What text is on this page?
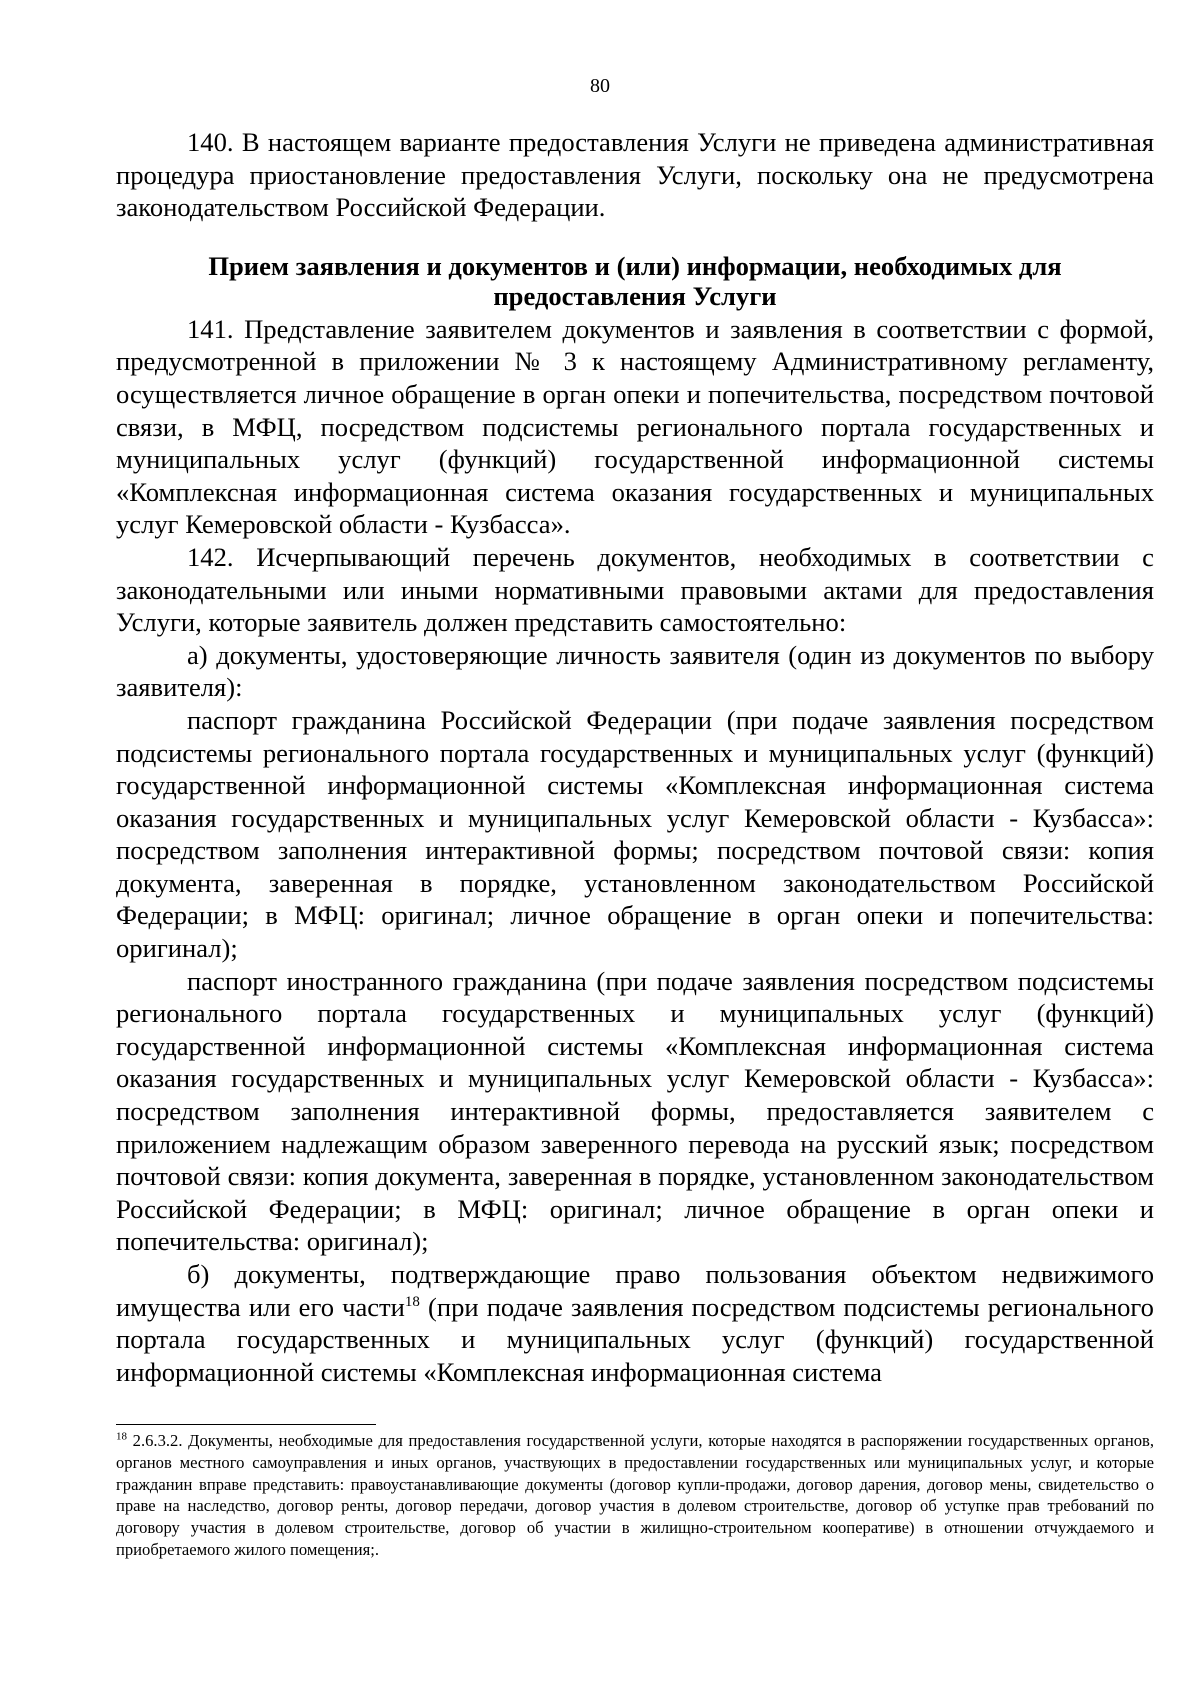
80

140. В настоящем варианте предоставления Услуги не приведена административная процедура приостановление предоставления Услуги, поскольку она не предусмотрена законодательством Российской Федерации.

Прием заявления и документов и (или) информации, необходимых для предоставления Услуги

141. Представление заявителем документов и заявления в соответствии с формой, предусмотренной в приложении № 3 к настоящему Административному регламенту, осуществляется личное обращение в орган опеки и попечительства, посредством почтовой связи, в МФЦ, посредством подсистемы регионального портала государственных и муниципальных услуг (функций) государственной информационной системы «Комплексная информационная система оказания государственных и муниципальных услуг Кемеровской области - Кузбасса».

142. Исчерпывающий перечень документов, необходимых в соответствии с законодательными или иными нормативными правовыми актами для предоставления Услуги, которые заявитель должен представить самостоятельно:

а) документы, удостоверяющие личность заявителя (один из документов по выбору заявителя):

паспорт гражданина Российской Федерации (при подаче заявления посредством подсистемы регионального портала государственных и муниципальных услуг (функций) государственной информационной системы «Комплексная информационная система оказания государственных и муниципальных услуг Кемеровской области - Кузбасса»: посредством заполнения интерактивной формы; посредством почтовой связи: копия документа, заверенная в порядке, установленном законодательством Российской Федерации; в МФЦ: оригинал; личное обращение в орган опеки и попечительства: оригинал);

паспорт иностранного гражданина (при подаче заявления посредством подсистемы регионального портала государственных и муниципальных услуг (функций) государственной информационной системы «Комплексная информационная система оказания государственных и муниципальных услуг Кемеровской области - Кузбасса»: посредством заполнения интерактивной формы, предоставляется заявителем с приложением надлежащим образом заверенного перевода на русский язык; посредством почтовой связи: копия документа, заверенная в порядке, установленном законодательством Российской Федерации; в МФЦ: оригинал; личное обращение в орган опеки и попечительства: оригинал);

б) документы, подтверждающие право пользования объектом недвижимого имущества или его части$^{18}$ (при подаче заявления посредством подсистемы регионального портала государственных и муниципальных услуг (функций) государственной информационной системы «Комплексная информационная система

$^{18}$ 2.6.3.2. Документы, необходимые для предоставления государственной услуги, которые находятся в распоряжении государственных органов, органов местного самоуправления и иных органов, участвующих в предоставлении государственных или муниципальных услуг, и которые гражданин вправе представить: правоустанавливающие документы (договор купли-продажи, договор дарения, договор мены, свидетельство о праве на наследство, договор ренты, договор передачи, договор участия в долевом строительстве, договор об уступке прав требований по договору участия в долевом строительстве, договор об участии в жилищно-строительном кооперативе) в отношении отчуждаемого и приобретаемого жилого помещения;.
